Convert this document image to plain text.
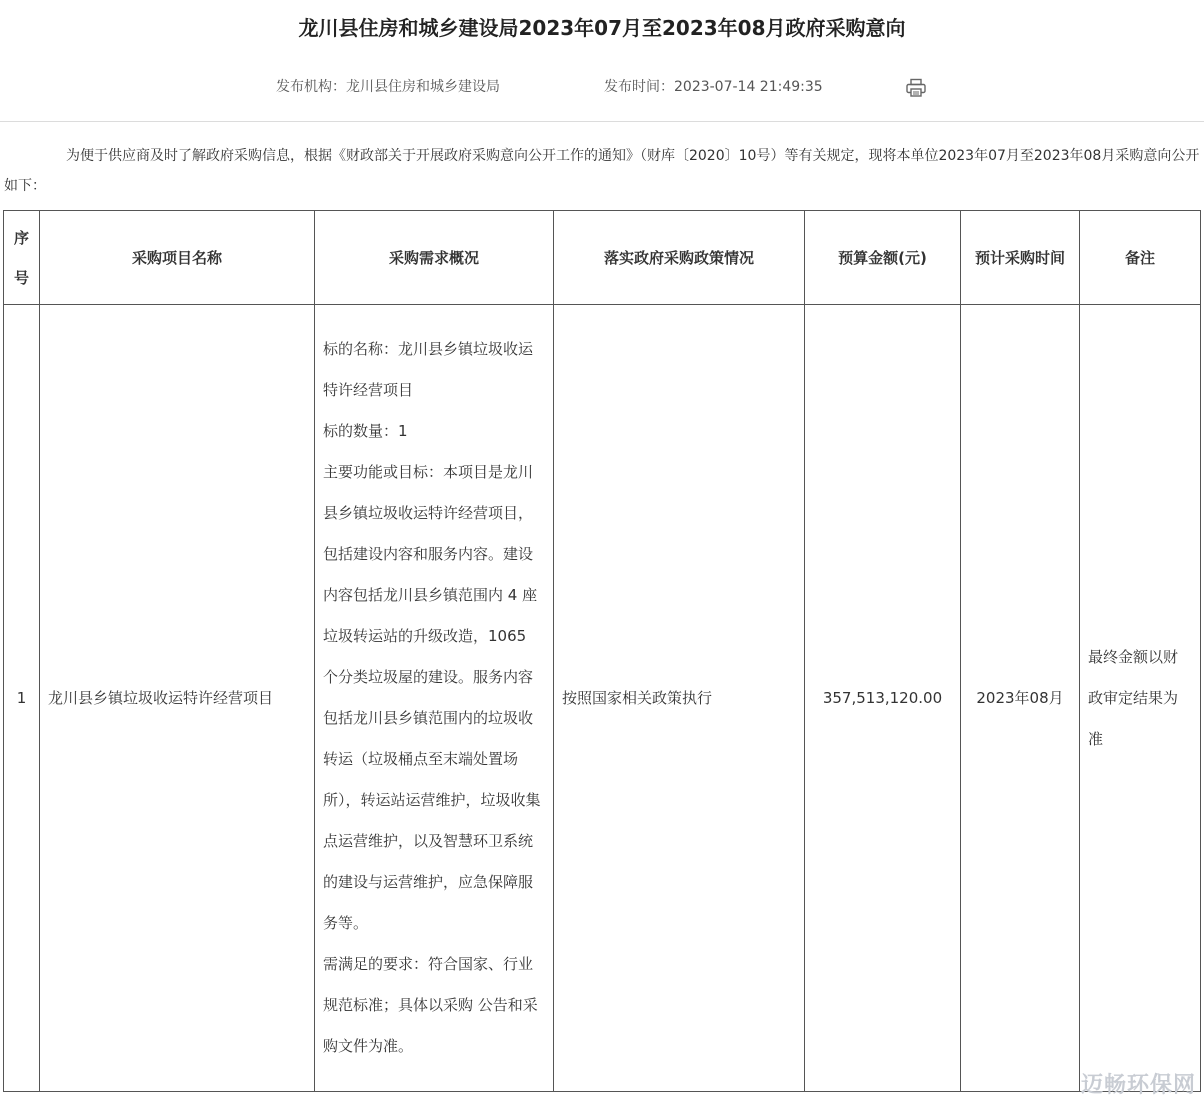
龙川县住房和城乡建设局2023年07月至2023年08月政府采购意向
发布机构：龙川县住房和城乡建设局	发布时间：2023-07-14 21:49:35
为便于供应商及时了解政府采购信息，根据《财政部关于开展政府采购意向公开工作的通知》（财库〔2020〕10号）等有关规定，现将本单位2023年07月至2023年08月采购意向公开如下：
序号	采购项目名称	采购需求概况	落实政府采购政策情况	预算金额(元)	预计采购时间	备注
1	龙川县乡镇垃圾收运特许经营项目	标的名称：龙川县乡镇垃圾收运特许经营项目
标的数量：1
主要功能或目标：本项目是龙川县乡镇垃圾收运特许经营项目，包括建设内容和服务内容。建设内容包括龙川县乡镇范围内 4 座垃圾转运站的升级改造，1065 个分类垃圾屋的建设。服务内容包括龙川县乡镇范围内的垃圾收转运（垃圾桶点至末端处置场所），转运站运营维护，垃圾收集点运营维护，以及智慧环卫系统的建设与运营维护，应急保障服务等。
需满足的要求：符合国家、行业规范标准；具体以采购 公告和采购文件为准。	按照国家相关政策执行	357,513,120.00	2023年08月	最终金额以财政审定结果为准
迈畅环保网
